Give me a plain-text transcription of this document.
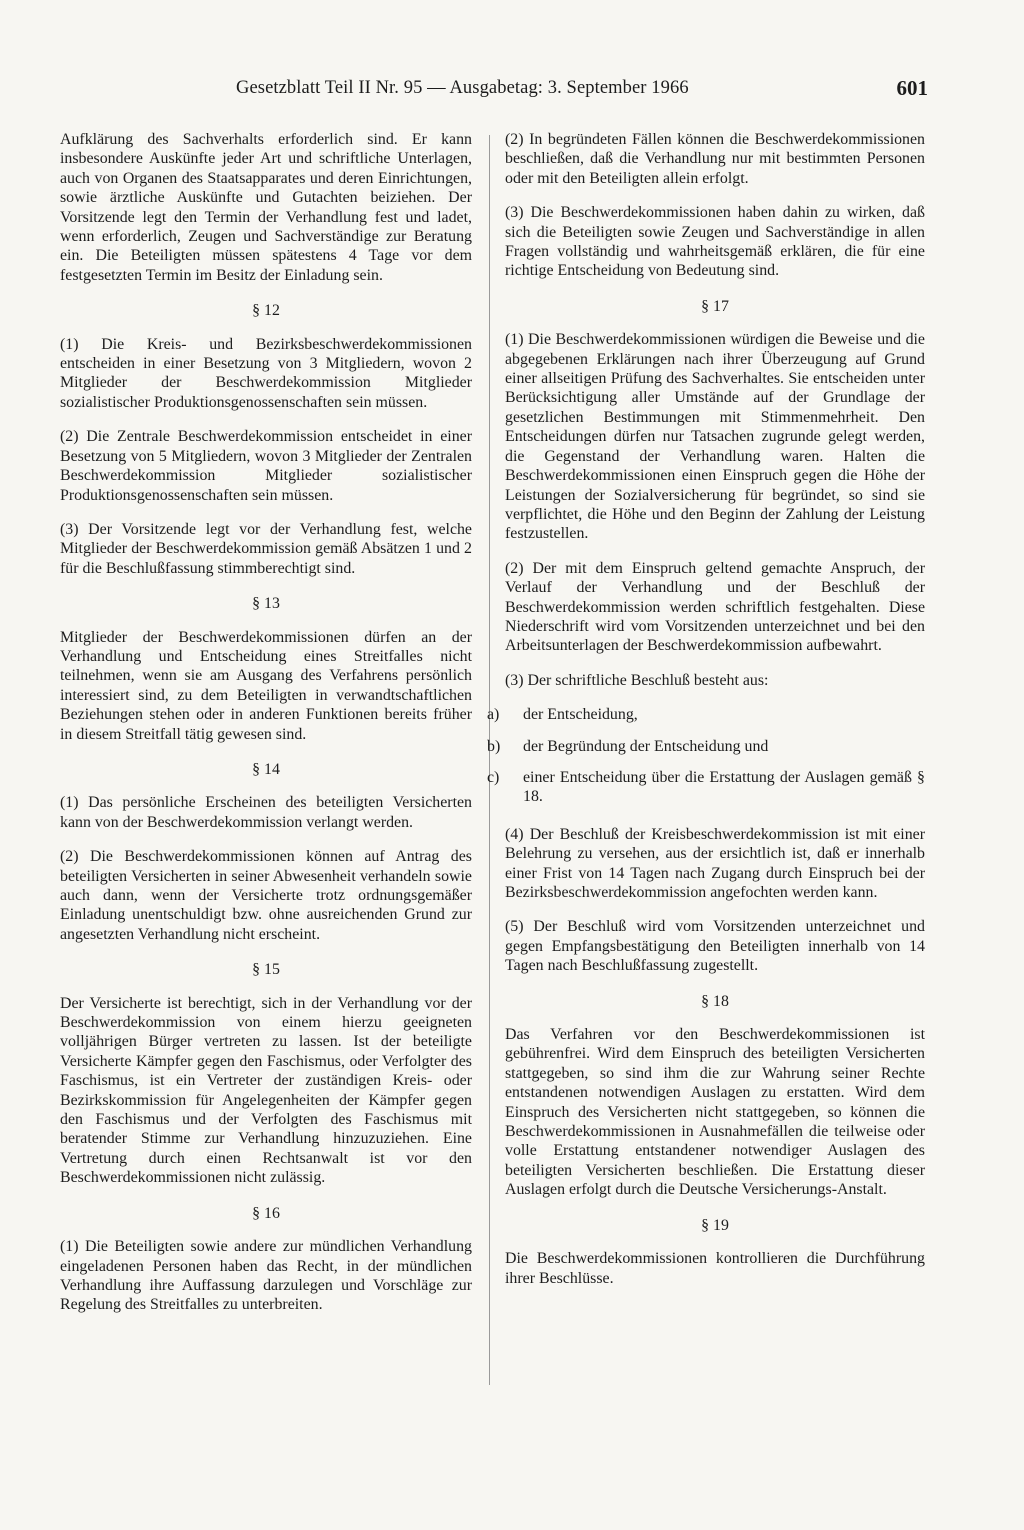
Gesetzblatt Teil II Nr. 95 — Ausgabetag: 3. September 1966	601

Aufklärung des Sachverhalts erforderlich sind. Er kann insbesondere Auskünfte jeder Art und schriftliche Unterlagen, auch von Organen des Staatsapparates und deren Einrichtungen, sowie ärztliche Auskünfte und Gutachten beiziehen. Der Vorsitzende legt den Termin der Verhandlung fest und ladet, wenn erforderlich, Zeugen und Sachverständige zur Beratung ein. Die Beteiligten müssen spätestens 4 Tage vor dem festgesetzten Termin im Besitz der Einladung sein.

§ 12

(1) Die Kreis- und Bezirksbeschwerdekommissionen entscheiden in einer Besetzung von 3 Mitgliedern, wovon 2 Mitglieder der Beschwerdekommission Mitglieder sozialistischer Produktionsgenossenschaften sein müssen.

(2) Die Zentrale Beschwerdekommission entscheidet in einer Besetzung von 5 Mitgliedern, wovon 3 Mitglieder der Zentralen Beschwerdekommission Mitglieder sozialistischer Produktionsgenossenschaften sein müssen.

(3) Der Vorsitzende legt vor der Verhandlung fest, welche Mitglieder der Beschwerdekommission gemäß Absätzen 1 und 2 für die Beschlußfassung stimmberechtigt sind.

§ 13

Mitglieder der Beschwerdekommissionen dürfen an der Verhandlung und Entscheidung eines Streitfalles nicht teilnehmen, wenn sie am Ausgang des Verfahrens persönlich interessiert sind, zu dem Beteiligten in verwandtschaftlichen Beziehungen stehen oder in anderen Funktionen bereits früher in diesem Streitfall tätig gewesen sind.

§ 14

(1) Das persönliche Erscheinen des beteiligten Versicherten kann von der Beschwerdekommission verlangt werden.

(2) Die Beschwerdekommissionen können auf Antrag des beteiligten Versicherten in seiner Abwesenheit verhandeln sowie auch dann, wenn der Versicherte trotz ordnungsgemäßer Einladung unentschuldigt bzw. ohne ausreichenden Grund zur angesetzten Verhandlung nicht erscheint.

§ 15

Der Versicherte ist berechtigt, sich in der Verhandlung vor der Beschwerdekommission von einem hierzu geeigneten volljährigen Bürger vertreten zu lassen. Ist der beteiligte Versicherte Kämpfer gegen den Faschismus, oder Verfolgter des Faschismus, ist ein Vertreter der zuständigen Kreis- oder Bezirkskommission für Angelegenheiten der Kämpfer gegen den Faschismus und der Verfolgten des Faschismus mit beratender Stimme zur Verhandlung hinzuzuziehen. Eine Vertretung durch einen Rechtsanwalt ist vor den Beschwerdekommissionen nicht zulässig.

§ 16

(1) Die Beteiligten sowie andere zur mündlichen Verhandlung eingeladenen Personen haben das Recht, in der mündlichen Verhandlung ihre Auffassung darzulegen und Vorschläge zur Regelung des Streitfalles zu unterbreiten.

(2) In begründeten Fällen können die Beschwerdekommissionen beschließen, daß die Verhandlung nur mit bestimmten Personen oder mit den Beteiligten allein erfolgt.

(3) Die Beschwerdekommissionen haben dahin zu wirken, daß sich die Beteiligten sowie Zeugen und Sachverständige in allen Fragen vollständig und wahrheitsgemäß erklären, die für eine richtige Entscheidung von Bedeutung sind.

§ 17

(1) Die Beschwerdekommissionen würdigen die Beweise und die abgegebenen Erklärungen nach ihrer Überzeugung auf Grund einer allseitigen Prüfung des Sachverhaltes. Sie entscheiden unter Berücksichtigung aller Umstände auf der Grundlage der gesetzlichen Bestimmungen mit Stimmenmehrheit. Den Entscheidungen dürfen nur Tatsachen zugrunde gelegt werden, die Gegenstand der Verhandlung waren. Halten die Beschwerdekommissionen einen Einspruch gegen die Höhe der Leistungen der Sozialversicherung für begründet, so sind sie verpflichtet, die Höhe und den Beginn der Zahlung der Leistung festzustellen.

(2) Der mit dem Einspruch geltend gemachte Anspruch, der Verlauf der Verhandlung und der Beschluß der Beschwerdekommission werden schriftlich festgehalten. Diese Niederschrift wird vom Vorsitzenden unterzeichnet und bei den Arbeitsunterlagen der Beschwerdekommission aufbewahrt.

(3) Der schriftliche Beschluß besteht aus:

a) der Entscheidung,
b) der Begründung der Entscheidung und
c) einer Entscheidung über die Erstattung der Auslagen gemäß § 18.

(4) Der Beschluß der Kreisbeschwerdekommission ist mit einer Belehrung zu versehen, aus der ersichtlich ist, daß er innerhalb einer Frist von 14 Tagen nach Zugang durch Einspruch bei der Bezirksbeschwerdekommission angefochten werden kann.

(5) Der Beschluß wird vom Vorsitzenden unterzeichnet und gegen Empfangsbestätigung den Beteiligten innerhalb von 14 Tagen nach Beschlußfassung zugestellt.

§ 18

Das Verfahren vor den Beschwerdekommissionen ist gebührenfrei. Wird dem Einspruch des beteiligten Versicherten stattgegeben, so sind ihm die zur Wahrung seiner Rechte entstandenen notwendigen Auslagen zu erstatten. Wird dem Einspruch des Versicherten nicht stattgegeben, so können die Beschwerdekommissionen in Ausnahmefällen die teilweise oder volle Erstattung entstandener notwendiger Auslagen des beteiligten Versicherten beschließen. Die Erstattung dieser Auslagen erfolgt durch die Deutsche Versicherungs-Anstalt.

§ 19

Die Beschwerdekommissionen kontrollieren die Durchführung ihrer Beschlüsse.
